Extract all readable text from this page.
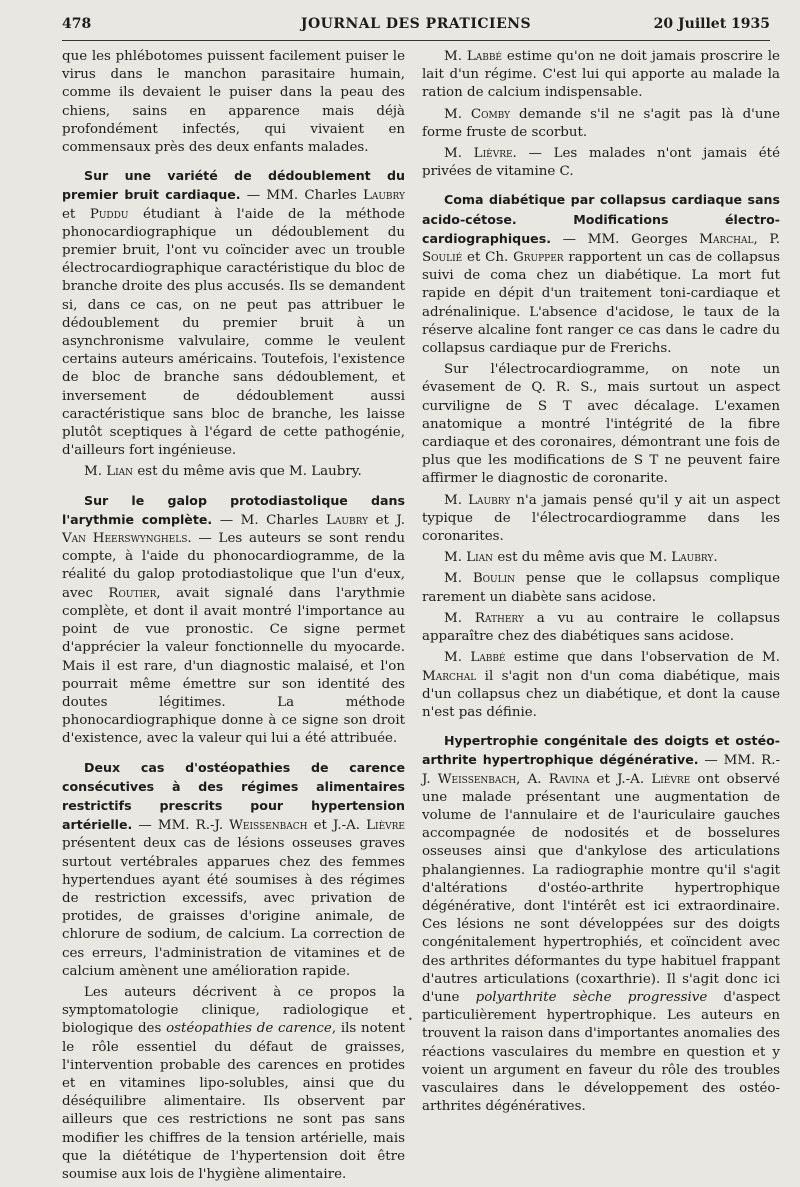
478	JOURNAL DES PRATICIENS	20 Juillet 1935

que les phlébotomes puissent facilement puiser le virus dans le manchon parasitaire humain, comme ils devaient le puiser dans la peau des chiens, sains en apparence mais déjà profondément infectés, qui vivaient en commensaux près des deux enfants malades.

Sur une variété de dédoublement du premier bruit cardiaque. — MM. Charles Laubry et Puddu étudiant à l'aide de la méthode phonocardiographique un dédoublement du premier bruit, l'ont vu coïncider avec un trouble électrocardiographique caractéristique du bloc de branche droite des plus accusés. Ils se demandent si, dans ce cas, on ne peut pas attribuer le dédoublement du premier bruit à un asynchronisme valvulaire, comme le veulent certains auteurs américains. Toutefois, l'existence de bloc de branche sans dédoublement, et inversement de dédoublement aussi caractéristique sans bloc de branche, les laisse plutôt sceptiques à l'égard de cette pathogénie, d'ailleurs fort ingénieuse.

M. Lian est du même avis que M. Laubry.

Sur le galop protodiastolique dans l'arythmie complète. — M. Charles Laubry et J. Van Heerswynghels. — Les auteurs se sont rendu compte, à l'aide du phonocardiogramme, de la réalité du galop protodiastolique que l'un d'eux, avec Routier, avait signalé dans l'arythmie complète, et dont il avait montré l'importance au point de vue pronostic. Ce signe permet d'apprécier la valeur fonctionnelle du myocarde. Mais il est rare, d'un diagnostic malaisé, et l'on pourrait même émettre sur son identité des doutes légitimes. La méthode phonocardiographique donne à ce signe son droit d'existence, avec la valeur qui lui a été attribuée.

Deux cas d'ostéopathies de carence consécutives à des régimes alimentaires restrictifs prescrits pour hypertension artérielle. — MM. R.-J. Weissenbach et J.-A. Lièvre présentent deux cas de lésions osseuses graves surtout vertébrales apparues chez des femmes hypertendues ayant été soumises à des régimes de restriction excessifs, avec privation de protides, de graisses d'origine animale, de chlorure de sodium, de calcium. La correction de ces erreurs, l'administration de vitamines et de calcium amènent une amélioration rapide.

Les auteurs décrivent à ce propos la symptomatologie clinique, radiologique et biologique des ostéopathies de carence, ils notent le rôle essentiel du défaut de graisses, l'intervention probable des carences en protides et en vitamines lipo-solubles, ainsi que du déséquilibre alimentaire. Ils observent par ailleurs que ces restrictions ne sont pas sans modifier les chiffres de la tension artérielle, mais que la diététique de l'hypertension doit être soumise aux lois de l'hygiène alimentaire.

M. Labbé estime qu'on ne doit jamais proscrire le lait d'un régime. C'est lui qui apporte au malade la ration de calcium indispensable.

M. Comby demande s'il ne s'agit pas là d'une forme fruste de scorbut.

M. Lièvre. — Les malades n'ont jamais été privées de vitamine C.

Coma diabétique par collapsus cardiaque sans acido-cétose. Modifications électro-cardiographiques. — MM. Georges Marchal, P. Soulié et Ch. Grupper rapportent un cas de collapsus suivi de coma chez un diabétique. La mort fut rapide en dépit d'un traitement toni-cardiaque et adrénalinique. L'absence d'acidose, le taux de la réserve alcaline font ranger ce cas dans le cadre du collapsus cardiaque pur de Frerichs.

Sur l'électrocardiogramme, on note un évasement de Q. R. S., mais surtout un aspect curviligne de S T avec décalage. L'examen anatomique a montré l'intégrité de la fibre cardiaque et des coronaires, démontrant une fois de plus que les modifications de S T ne peuvent faire affirmer le diagnostic de coronarite.

M. Laubry n'a jamais pensé qu'il y ait un aspect typique de l'électrocardiogramme dans les coronarites.

M. Lian est du même avis que M. Laubry.

M. Boulin pense que le collapsus complique rarement un diabète sans acidose.

M. Rathery a vu au contraire le collapsus apparaître chez des diabétiques sans acidose.

M. Labbé estime que dans l'observation de M. Marchal il s'agit non d'un coma diabétique, mais d'un collapsus chez un diabétique, et dont la cause n'est pas définie.

Hypertrophie congénitale des doigts et ostéo-arthrite hypertrophique dégénérative. — MM. R.-J. Weissenbach, A. Ravina et J.-A. Lièvre ont observé une malade présentant une augmentation de volume de l'annulaire et de l'auriculaire gauches accompagnée de nodosités et de bosselures osseuses ainsi que d'ankylose des articulations phalangiennes. La radiographie montre qu'il s'agit d'altérations d'ostéo-arthrite hypertrophique dégénérative, dont l'intérêt est ici extraordinaire. Ces lésions ne sont développées sur des doigts congénitalement hypertrophiés, et coïncident avec des arthrites déformantes du type habituel frappant d'autres articulations (coxarthrie). Il s'agit donc ici d'une polyarthrite sèche progressive d'aspect particulièrement hypertrophique. Les auteurs en trouvent la raison dans d'importantes anomalies des réactions vasculaires du membre en question et y voient un argument en faveur du rôle des troubles vasculaires dans le développement des ostéo-arthrites dégénératives.

•
